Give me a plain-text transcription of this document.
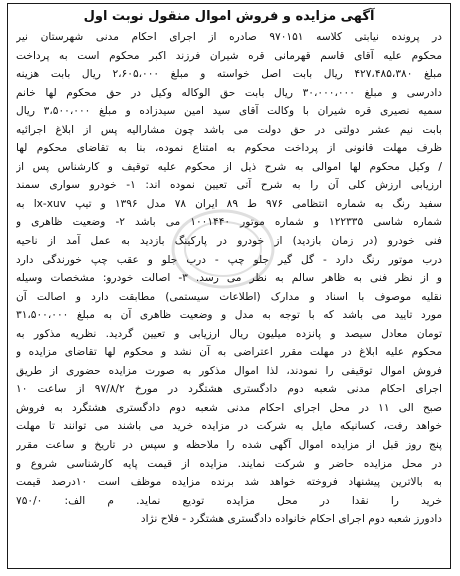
آگهی مزایده و فروش اموال منقول نوبت اول
در پرونده نیابتی کلاسه ۹۷۰۱۵۱ صادره از اجرای احکام مدنی شهرستان نیر
محکوم علیه آقای قاسم قهرمانی قره شیران فرزند اکبر محکوم است به پرداخت
مبلغ ۴۲۷،۴۸۵،۳۸۰ ریال بابت اصل خواسته و مبلغ ۲،۶۰۵،۰۰۰ ریال بابت هزینه
دادرسی و مبلغ ۳۰،۰۰۰،۰۰۰ ریال بابت حق الوکاله وکیل در حق محکوم لها خانم
سمیه نصیری قره شیران با وکالت آقای سید امین سیدزاده و مبلغ ۳،۵۰۰،۰۰۰ ریال
بابت نیم عشر دولتی در حق دولت می باشد چون مشارالیه پس از ابلاغ اجرائیه
ظرف مهلت قانونی از پرداخت محکوم به امتناع نموده، بنا به تقاضای محکوم لها
/ وکیل محکوم لها اموالی به شرح ذیل از محکوم علیه توقیف و کارشناس پس از
ارزیابی ارزش کلی آن را به شرح آتی تعیین نموده اند: ۱- خودرو سواری سمند
سفید رنگ به شماره انتظامی ۹۷۶ ط ۸۹ ایران ۷۸ مدل ۱۳۹۶ و تیپ lx-xuv به
شماره شاسی ۱۲۲۳۳۵ و شماره موتور ۱۰۰۱۴۴۰ می باشد ۲- وضعیت ظاهری و
فنی خودرو (در زمان بازدید) از خودرو در پارکینگ بازدید به عمل آمد از ناحیه
درب موتور رنگ دارد - گل گیر جلو چپ - درب جلو و عقب چپ خورندگی دارد
و از نظر فنی به ظاهر سالم به نظر می رسد. ۳- اصالت خودرو: مشخصات وسیله
نقلیه موصوف با اسناد و مدارک (اطلاعات سیستمی) مطابقت دارد و اصالت آن
مورد تایید می باشد که با توجه به مدل و وضعیت ظاهری آن به مبلغ ۳۱،۵۰۰،۰۰۰
تومان معادل سیصد و پانزده میلیون ریال ارزیابی و تعیین گردید. نظریه مذکور به
محکوم علیه ابلاغ در مهلت مقرر اعتراضی به آن نشد و محکوم لها تقاضای مزایده و
فروش اموال توقیفی را نمودند، لذا اموال مذکور به صورت مزایده حضوری از طریق
اجرای احکام مدنی شعبه دوم دادگستری هشتگرد در مورخ ۹۷/۸/۲ از ساعت ۱۰
صبح الی ۱۱ در محل اجرای احکام مدنی شعبه دوم دادگستری هشتگرد به فروش
خواهد رفت، کسانیکه مایل به شرکت در مزایده خرید می باشند می توانند تا مهلت
پنج روز قبل از مزایده اموال آگهی شده را ملاحظه و سپس در تاریخ و ساعت مقرر
در محل مزایده حاضر و شرکت نمایند. مزایده از قیمت پایه کارشناسی شروع و
به بالاترین پیشنهاد فروخته خواهد شد برنده مزایده موظف است ۱۰درصد قیمت
خرید را نقدا در محل مزایده تودیع نماید. م الف: ۷۵۰/۰
دادورز شعبه دوم اجرای احکام خانواده دادگستری هشتگرد - فلاح نژاد
